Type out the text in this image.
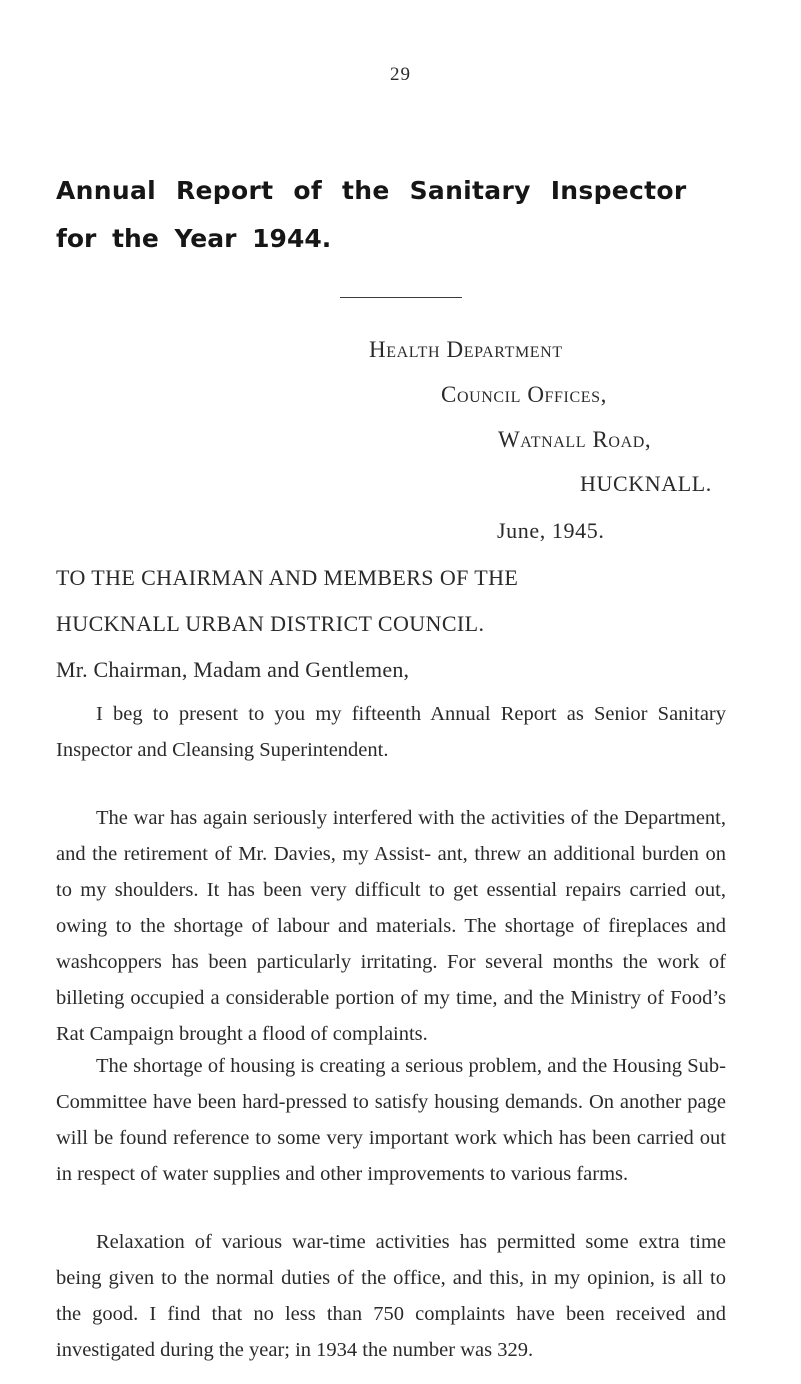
29
Annual Report of the Sanitary Inspector
for the Year 1944.
Health Department
Council Offices,
Watnall Road,
HUCKNALL.
June, 1945.
TO THE CHAIRMAN AND MEMBERS OF THE
HUCKNALL URBAN DISTRICT COUNCIL.
Mr. Chairman, Madam and Gentlemen,

I beg to present to you my fifteenth Annual Report as Senior Sanitary Inspector and Cleansing Superintendent.

The war has again seriously interfered with the activities of the Department, and the retirement of Mr. Davies, my Assist- ant, threw an additional burden on to my shoulders. It has been very difficult to get essential repairs carried out, owing to the shortage of labour and materials. The shortage of fireplaces and washcoppers has been particularly irritating. For several months the work of billeting occupied a considerable portion of my time, and the Ministry of Food’s Rat Campaign brought a flood of complaints.

The shortage of housing is creating a serious problem, and the Housing Sub-Committee have been hard-pressed to satisfy housing demands. On another page will be found reference to some very important work which has been carried out in respect of water supplies and other improvements to various farms.

Relaxation of various war-time activities has permitted some extra time being given to the normal duties of the office, and this, in my opinion, is all to the good. I find that no less than 750 complaints have been received and investigated during the year; in 1934 the number was 329.
